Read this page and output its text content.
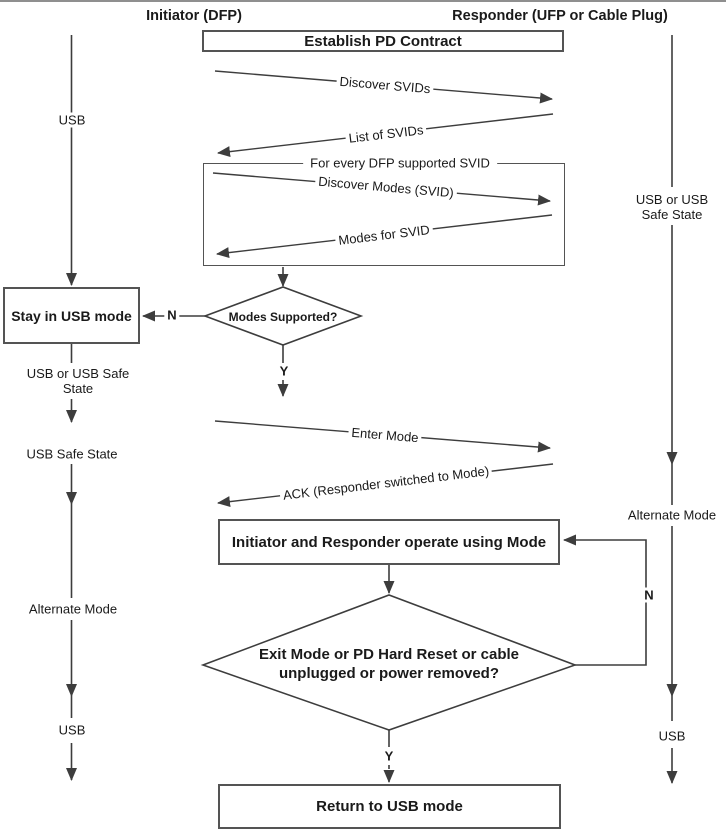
Establish PD Contract
Stay in USB mode
Initiator and Responder operate using Mode
Return to USB mode
Initiator (DFP)	Responder (UFP or Cable Plug)
For every DFP supported SVID
Modes Supported?
Exit Mode or PD Hard Reset or cable unplugged or power removed?
Discover SVIDs
List of SVIDs
Discover Modes (SVID)
Modes for SVID
Enter Mode
ACK (Responder switched to Mode)
USB
USB or USB Safe State
USB Safe State
Alternate Mode
USB
USB or USB Safe State
Alternate Mode
USB
N
Y
N
Y
